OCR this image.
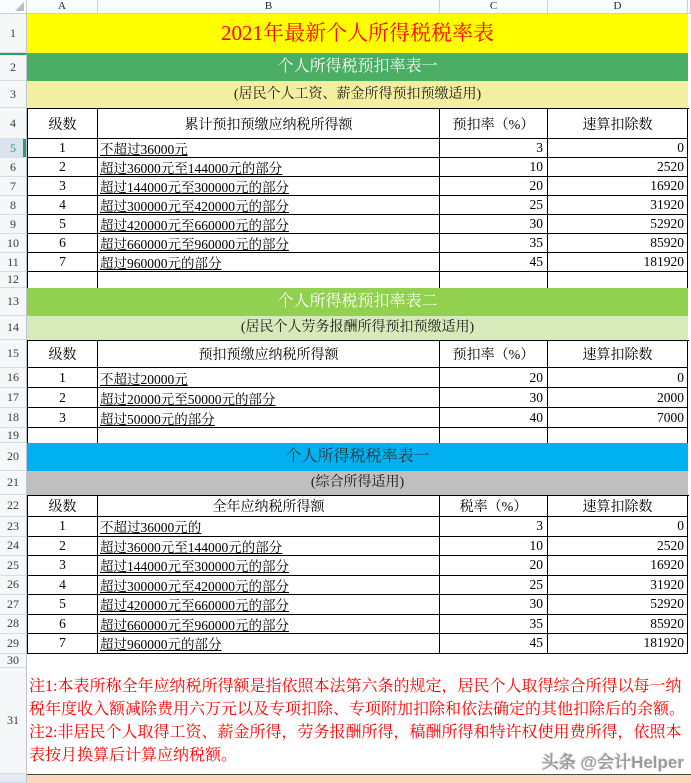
A	B	C	D
1
2
3
4
5
6
7
8
9
10
11
12
13
14
15
16
17
18
19
20
21
22
23
24
25
26
27
28
29
30
31
2021年最新个人所得税税率表
个人所得税预扣率表一
(居民个人工资、薪金所得预扣预缴适用)
级数	累计预扣预缴应纳税所得额	预扣率（%）	速算扣除数
1	不超过36000元	3	0
2	超过36000元至144000元的部分	10	2520
3	超过144000元至300000元的部分	20	16920
4	超过300000元至420000元的部分	25	31920
5	超过420000元至660000元的部分	30	52920
6	超过660000元至960000元的部分	35	85920
7	超过960000元的部分	45	181920
个人所得税预扣率表二
(居民个人劳务报酬所得预扣预缴适用)
级数	预扣预缴应纳税所得额	预扣率（%）	速算扣除数
1	不超过20000元	20	0
2	超过20000元至50000元的部分	30	2000
3	超过50000元的部分	40	7000
个人所得税税率表一
(综合所得适用)
级数	全年应纳税所得额	税率（%）	速算扣除数
1	不超过36000元的	3	0
2	超过36000元至144000元的部分	10	2520
3	超过144000元至300000元的部分	20	16920
4	超过300000元至420000元的部分	25	31920
5	超过420000元至660000元的部分	30	52920
6	超过660000元至960000元的部分	35	85920
7	超过960000元的部分	45	181920
注1:本表所称全年应纳税所得额是指依照本法第六条的规定，居民个人取得综合所得以每一纳税年度收入额减除费用六万元以及专项扣除、专项附加扣除和依法确定的其他扣除后的余额。
注2:非居民个人取得工资、薪金所得，劳务报酬所得，稿酬所得和特许权使用费所得，依照本表按月换算后计算应纳税额。	头条 @会计Helper
